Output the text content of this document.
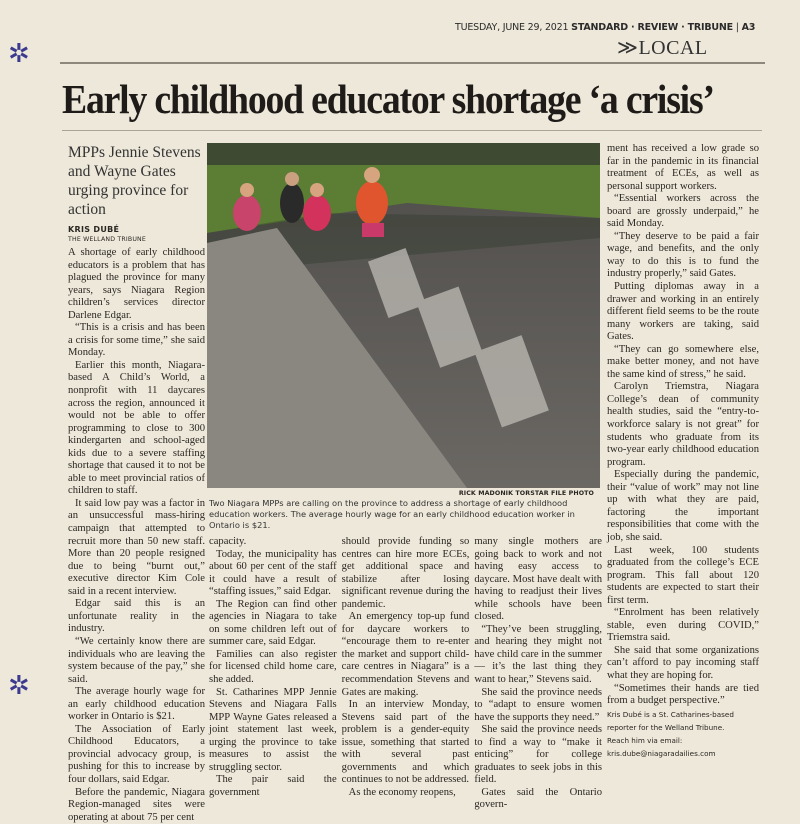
✲
✲
TUESDAY, JUNE 29, 2021 STANDARD · REVIEW · TRIBUNE | A3
≫LOCAL
Early childhood educator shortage ‘a crisis’
MPPs Jennie Stevens and Wayne Gates urging province for action
KRIS DUBÉ
THE WELLAND TRIBUNE

A shortage of early childhood educators is a problem that has plagued the province for many years, says Niagara Region children’s services director Darlene Edgar.

“This is a crisis and has been a crisis for some time,” she said Monday.

Earlier this month, Niagara-based A Child’s World, a nonprofit with 11 daycares across the region, announced it would not be able to offer programming to close to 300 kindergarten and school-aged kids due to a severe staffing shortage that caused it to not be able to meet provincial ratios of children to staff.

It said low pay was a factor in an unsuccessful mass-hiring campaign that attempted to recruit more than 50 new staff. More than 20 people resigned due to being “burnt out,” executive director Kim Cole said in a recent interview.

Edgar said this is an unfortunate reality in the industry.

“We certainly know there are individuals who are leaving the system because of the pay,” she said.

The average hourly wage for an early childhood education worker in Ontario is $21.

The Association of Early Childhood Educators, a provincial advocacy group, is pushing for this to increase by four dollars, said Edgar.

Before the pandemic, Niagara Region-managed sites were operating at about 75 per cent

RICK MADONIK TORSTAR FILE PHOTO
Two Niagara MPPs are calling on the province to address a shortage of early childhood education workers. The average hourly wage for an early childhood education worker in Ontario is $21.

capacity.

Today, the municipality has about 60 per cent of the staff it could have a result of “staffing issues,” said Edgar.

The Region can find other agencies in Niagara to take on some children left out of summer care, said Edgar.

Families can also register for licensed child home care, she added.

St. Catharines MPP Jennie Stevens and Niagara Falls MPP Wayne Gates released a joint statement last week, urging the province to take measures to assist the struggling sector.

The pair said the government

should provide funding so centres can hire more ECEs, get additional space and stabilize after losing significant revenue during the pandemic.

An emergency top-up fund for daycare workers to “encourage them to re-enter the market and support child-care centres in Niagara” is a recommendation Stevens and Gates are making.

In an interview Monday, Stevens said part of the problem is a gender-equity issue, something that started with several past governments and which continues to not be addressed.

As the economy reopens,

many single mothers are going back to work and not having easy access to daycare. Most have dealt with having to readjust their lives while schools have been closed.

“They’ve been struggling, and hearing they might not have child care in the summer — it’s the last thing they want to hear,” Stevens said.

She said the province needs to “adapt to ensure women have the supports they need.”

She said the province needs to find a way to “make it enticing” for college graduates to seek jobs in this field.

Gates said the Ontario govern-

ment has received a low grade so far in the pandemic in its financial treatment of ECEs, as well as personal support workers.

“Essential workers across the board are grossly underpaid,” he said Monday.

“They deserve to be paid a fair wage, and benefits, and the only way to do this is to fund the industry properly,” said Gates.

Putting diplomas away in a drawer and working in an entirely different field seems to be the route many workers are taking, said Gates.

“They can go somewhere else, make better money, and not have the same kind of stress,” he said.

Carolyn Triemstra, Niagara College’s dean of community health studies, said the “entry-to-workforce salary is not great” for students who graduate from its two-year early childhood education program.

Especially during the pandemic, their “value of work” may not line up with what they are paid, factoring the important responsibilities that come with the job, she said.

Last week, 100 students graduated from the college’s ECE program. This fall about 120 students are expected to start their first term.

“Enrolment has been relatively stable, even during COVID,” Triemstra said.

She said that some organizations can’t afford to pay incoming staff what they are hoping for.

“Sometimes their hands are tied from a budget perspective.”

Kris Dubé is a St. Catharines-based
reporter for the Welland Tribune.
Reach him via email:
kris.dube@niagaradailies.com
